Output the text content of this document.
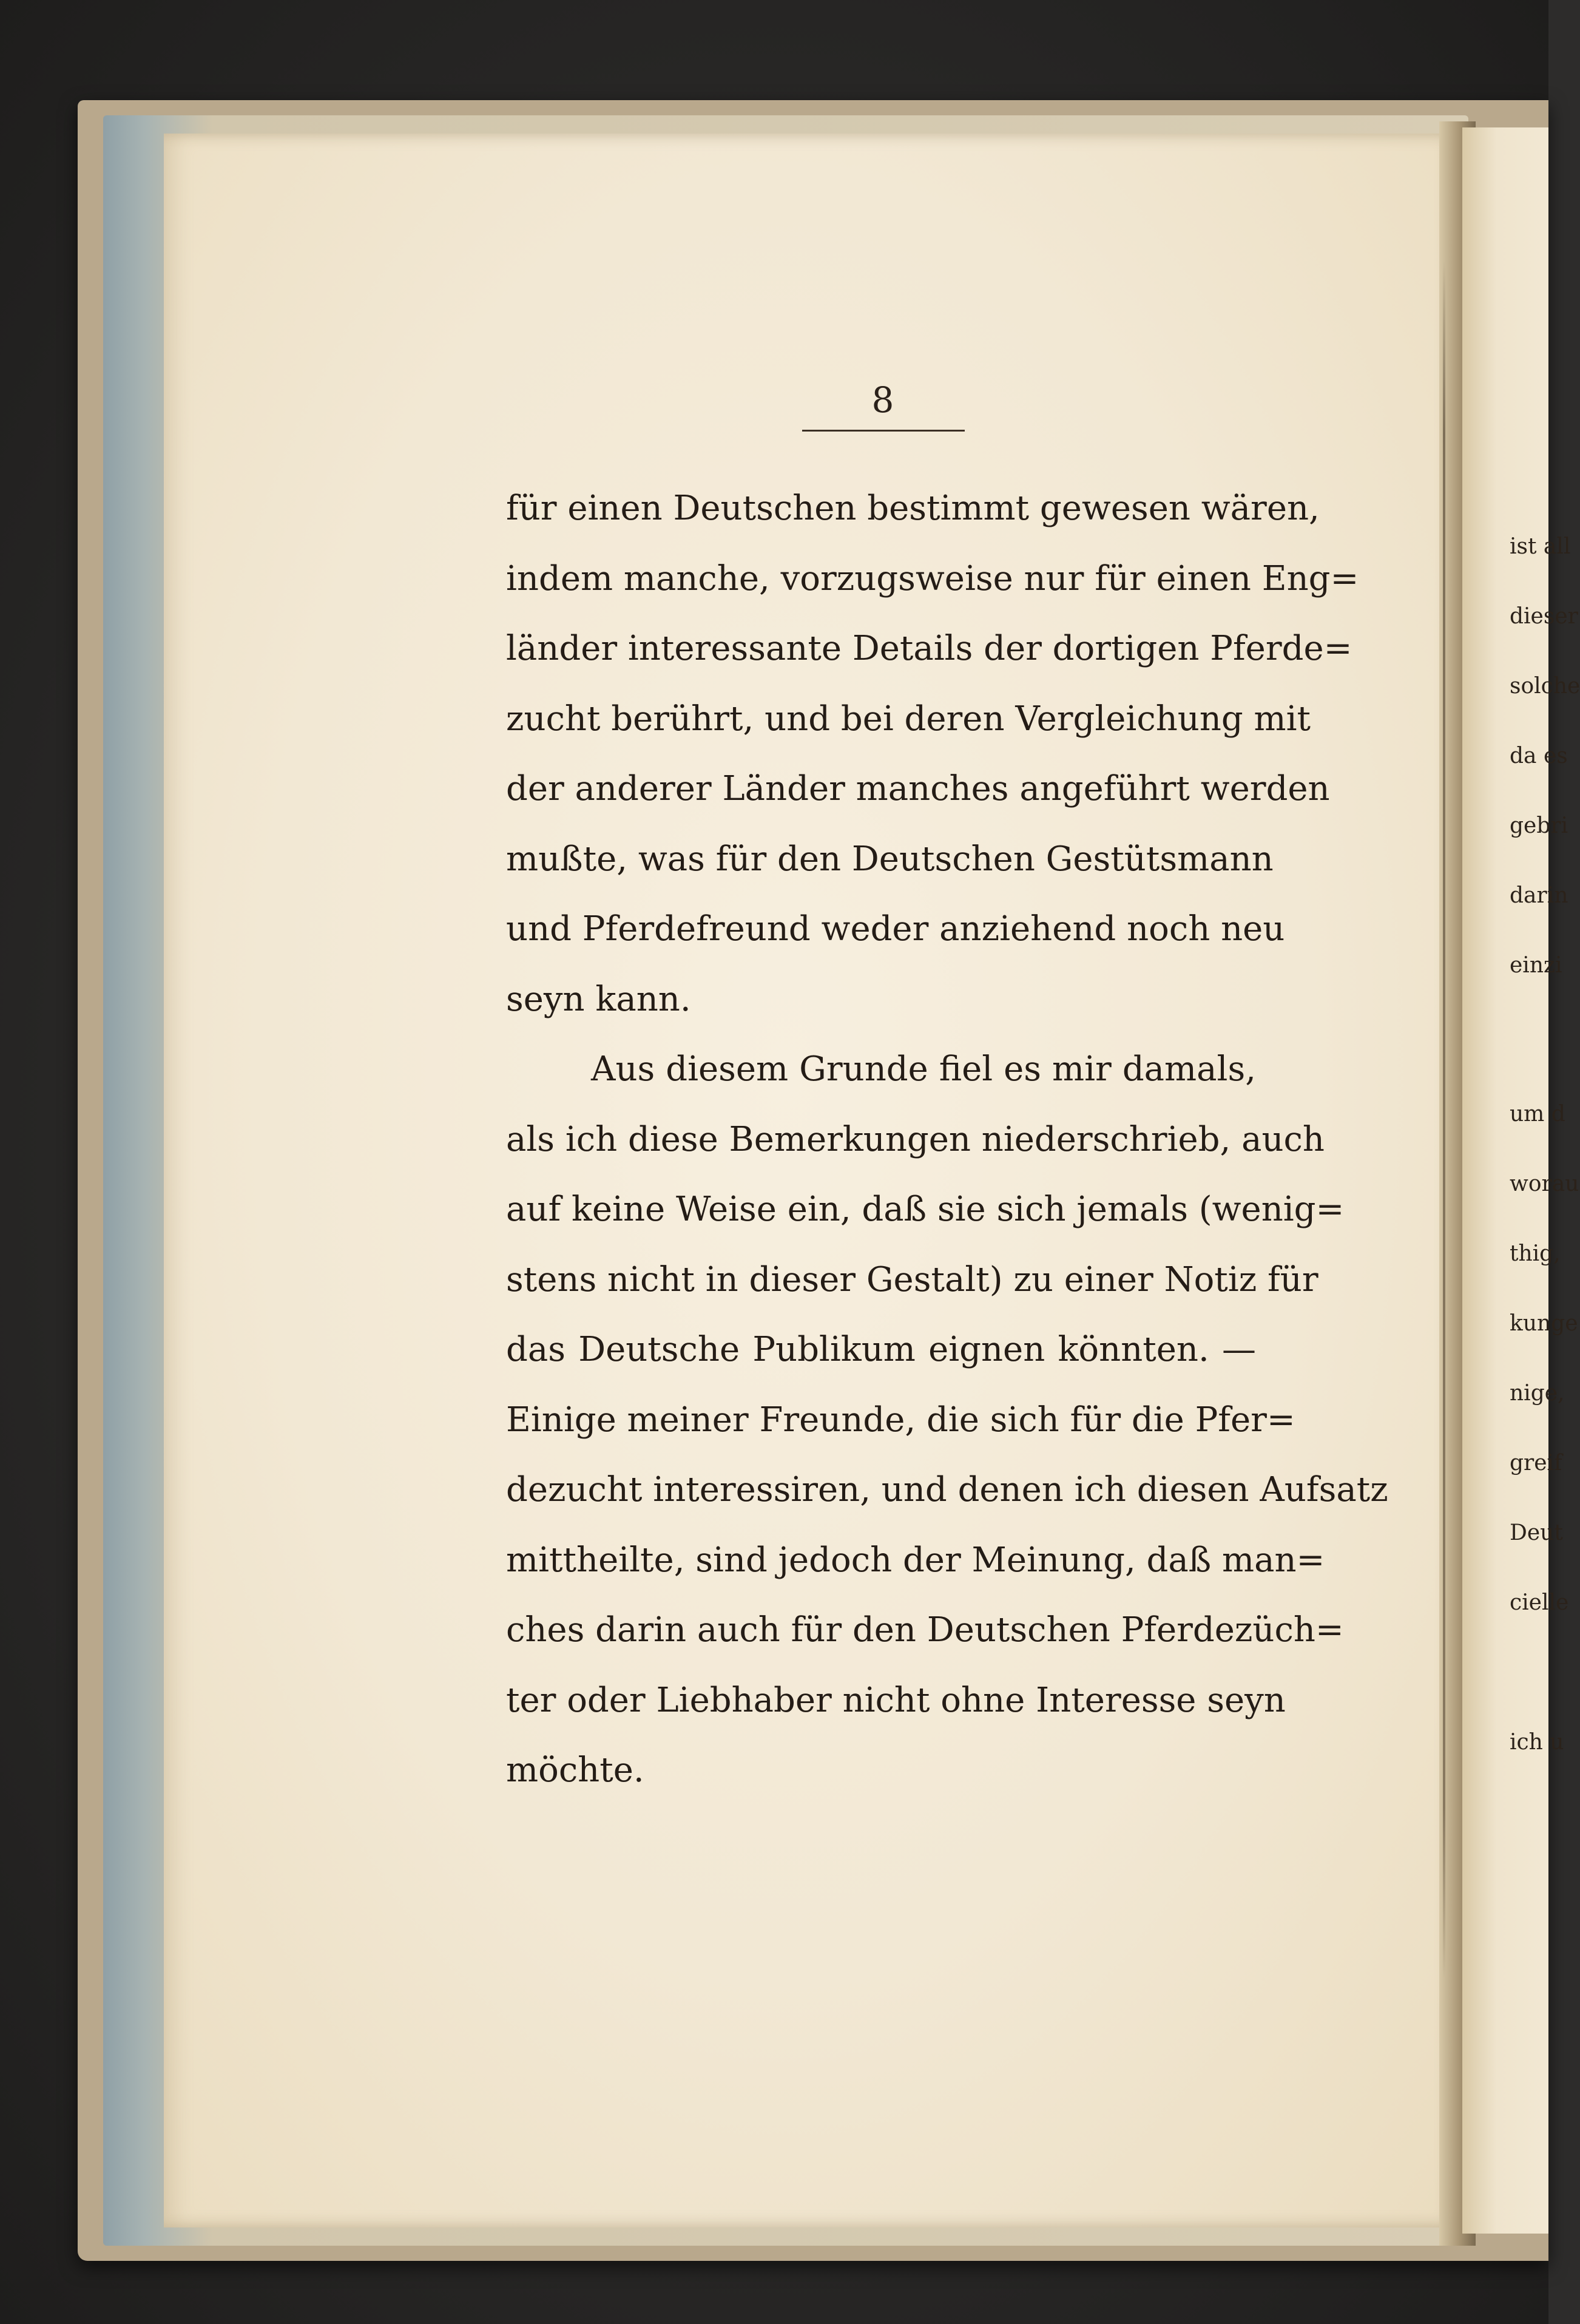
8
für einen Deutschen bestimmt gewesen wären,
indem manche, vorzugsweise nur für einen Eng=
länder interessante Details der dortigen Pferde=
zucht berührt, und bei deren Vergleichung mit
der anderer Länder manches angeführt werden
mußte, was für den Deutschen Gestütsmann
und Pferdefreund weder anziehend noch neu
seyn kann.
Aus diesem Grunde fiel es mir damals,
als ich diese Bemerkungen niederschrieb, auch
auf keine Weise ein, daß sie sich jemals (wenig=
stens nicht in dieser Gestalt) zu einer Notiz für
das Deutsche Publikum eignen könnten. —
Einige meiner Freunde, die sich für die Pfer=
dezucht interessiren, und denen ich diesen Aufsatz
mittheilte, sind jedoch der Meinung, daß man=
ches darin auch für den Deutschen Pferdezüch=
ter oder Liebhaber nicht ohne Interesse seyn
möchte.
ist all
dieser
solche
da es
gebri
darin
einzi
um d
worau
thig,
kunge
nige,
greif
Deut
cielle
ich u
